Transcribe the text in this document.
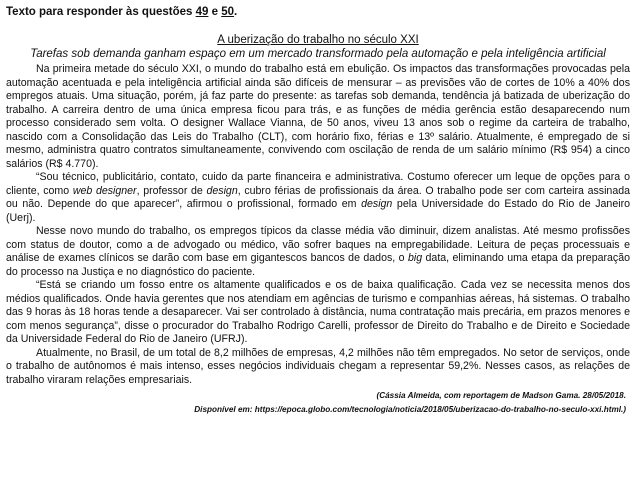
Texto para responder às questões 49 e 50.

A uberização do trabalho no século XXI

Tarefas sob demanda ganham espaço em um mercado transformado pela automação e pela inteligência artificial

Na primeira metade do século XXI, o mundo do trabalho está em ebulição. Os impactos das transformações provocadas pela automação acentuada e pela inteligência artificial ainda são difíceis de mensurar – as previsões vão de cortes de 10% a 40% dos empregos atuais. Uma situação, porém, já faz parte do presente: as tarefas sob demanda, tendência já batizada de uberização do trabalho. A carreira dentro de uma única empresa ficou para trás, e as funções de média gerência estão desaparecendo num processo considerado sem volta. O designer Wallace Vianna, de 50 anos, viveu 13 anos sob o regime da carteira de trabalho, nascido com a Consolidação das Leis do Trabalho (CLT), com horário fixo, férias e 13º salário. Atualmente, é empregado de si mesmo, administra quatro contratos simultaneamente, convivendo com oscilação de renda de um salário mínimo (R$ 954) a cinco salários (R$ 4.770).

“Sou técnico, publicitário, contato, cuido da parte financeira e administrativa. Costumo oferecer um leque de opções para o cliente, como web designer, professor de design, cubro férias de profissionais da área. O trabalho pode ser com carteira assinada ou não. Depende do que aparecer”, afirmou o profissional, formado em design pela Universidade do Estado do Rio de Janeiro (Uerj).

Nesse novo mundo do trabalho, os empregos típicos da classe média vão diminuir, dizem analistas. Até mesmo profissões com status de doutor, como a de advogado ou médico, vão sofrer baques na empregabilidade. Leitura de peças processuais e análise de exames clínicos se darão com base em gigantescos bancos de dados, o big data, eliminando uma etapa da preparação do processo na Justiça e no diagnóstico do paciente.

“Está se criando um fosso entre os altamente qualificados e os de baixa qualificação. Cada vez se necessita menos dos médios qualificados. Onde havia gerentes que nos atendiam em agências de turismo e companhias aéreas, há sistemas. O trabalho das 9 horas às 18 horas tende a desaparecer. Vai ser controlado à distância, numa contratação mais precária, em prazos menores e com menos segurança”, disse o procurador do Trabalho Rodrigo Carelli, professor de Direito do Trabalho e de Direito e Sociedade da Universidade Federal do Rio de Janeiro (UFRJ).

Atualmente, no Brasil, de um total de 8,2 milhões de empresas, 4,2 milhões não têm empregados. No setor de serviços, onde o trabalho de autônomos é mais intenso, esses negócios individuais chegam a representar 59,2%. Nesses casos, as relações de trabalho viraram relações empresariais.

(Cássia Almeida, com reportagem de Madson Gama. 28/05/2018.

Disponível em: https://epoca.globo.com/tecnologia/noticia/2018/05/uberizacao-do-trabalho-no-seculo-xxi.html.)
